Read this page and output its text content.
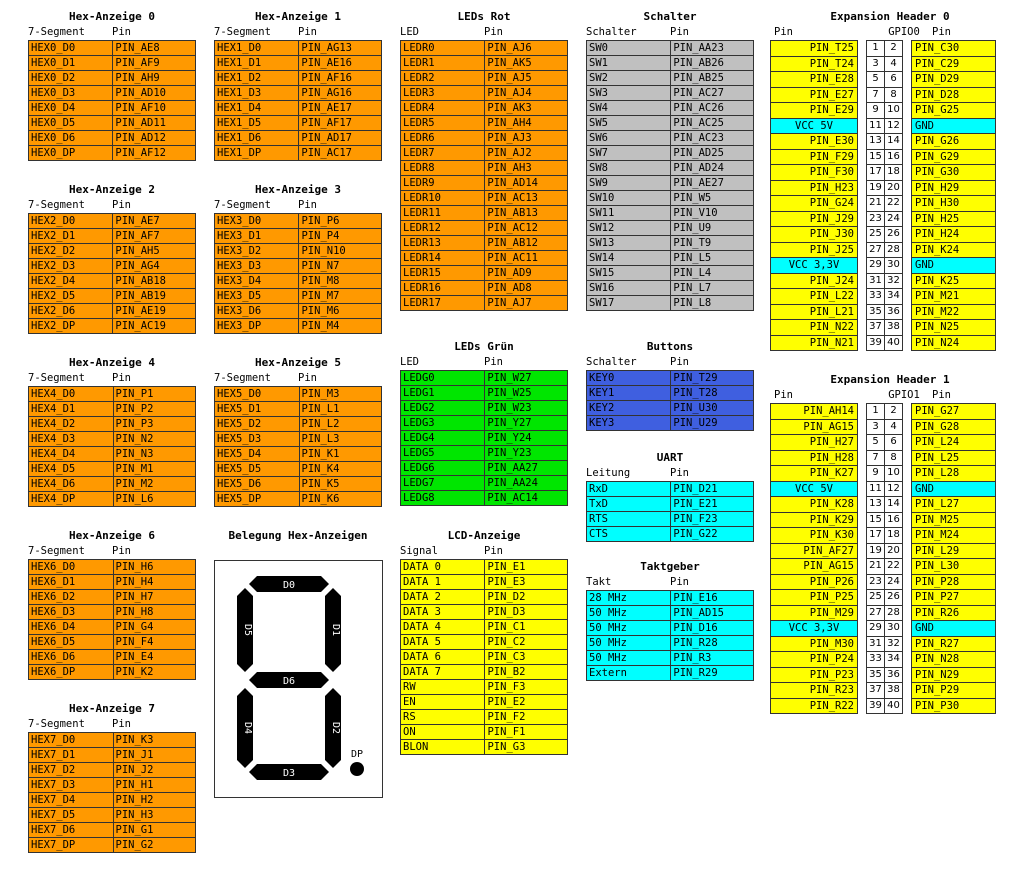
Hex-Anzeige 0
7-Segment	Pin
HEX0_D0	PIN_AE8
HEX0_D1	PIN_AF9
HEX0_D2	PIN_AH9
HEX0_D3	PIN_AD10
HEX0_D4	PIN_AF10
HEX0_D5	PIN_AD11
HEX0_D6	PIN_AD12
HEX0_DP	PIN_AF12
Hex-Anzeige 2
7-Segment	Pin
HEX2_D0	PIN_AE7
HEX2_D1	PIN_AF7
HEX2_D2	PIN_AH5
HEX2_D3	PIN_AG4
HEX2_D4	PIN_AB18
HEX2_D5	PIN_AB19
HEX2_D6	PIN_AE19
HEX2_DP	PIN_AC19
Hex-Anzeige 4
7-Segment	Pin
HEX4_D0	PIN_P1
HEX4_D1	PIN_P2
HEX4_D2	PIN_P3
HEX4_D3	PIN_N2
HEX4_D4	PIN_N3
HEX4_D5	PIN_M1
HEX4_D6	PIN_M2
HEX4_DP	PIN_L6
Hex-Anzeige 6
7-Segment	Pin
HEX6_D0	PIN_H6
HEX6_D1	PIN_H4
HEX6_D2	PIN_H7
HEX6_D3	PIN_H8
HEX6_D4	PIN_G4
HEX6_D5	PIN_F4
HEX6_D6	PIN_E4
HEX6_DP	PIN_K2
Hex-Anzeige 7
7-Segment	Pin
HEX7_D0	PIN_K3
HEX7_D1	PIN_J1
HEX7_D2	PIN_J2
HEX7_D3	PIN_H1
HEX7_D4	PIN_H2
HEX7_D5	PIN_H3
HEX7_D6	PIN_G1
HEX7_DP	PIN_G2
Hex-Anzeige 1
7-Segment	Pin
HEX1_D0	PIN_AG13
HEX1_D1	PIN_AE16
HEX1_D2	PIN_AF16
HEX1_D3	PIN_AG16
HEX1_D4	PIN_AE17
HEX1_D5	PIN_AF17
HEX1_D6	PIN_AD17
HEX1_DP	PIN_AC17
Hex-Anzeige 3
7-Segment	Pin
HEX3_D0	PIN_P6
HEX3_D1	PIN_P4
HEX3_D2	PIN_N10
HEX3_D3	PIN_N7
HEX3_D4	PIN_M8
HEX3_D5	PIN_M7
HEX3_D6	PIN_M6
HEX3_DP	PIN_M4
Hex-Anzeige 5
7-Segment	Pin
HEX5_D0	PIN_M3
HEX5_D1	PIN_L1
HEX5_D2	PIN_L2
HEX5_D3	PIN_L3
HEX5_D4	PIN_K1
HEX5_D5	PIN_K4
HEX5_D6	PIN_K5
HEX5_DP	PIN_K6
Belegung Hex-Anzeigen
D0
D6
D3
D5	D1
D4	D2
DP
LEDs Rot
LED	Pin
LEDR0	PIN_AJ6
LEDR1	PIN_AK5
LEDR2	PIN_AJ5
LEDR3	PIN_AJ4
LEDR4	PIN_AK3
LEDR5	PIN_AH4
LEDR6	PIN_AJ3
LEDR7	PIN_AJ2
LEDR8	PIN_AH3
LEDR9	PIN_AD14
LEDR10	PIN_AC13
LEDR11	PIN_AB13
LEDR12	PIN_AC12
LEDR13	PIN_AB12
LEDR14	PIN_AC11
LEDR15	PIN_AD9
LEDR16	PIN_AD8
LEDR17	PIN_AJ7
LEDs Grün
LED	Pin
LEDG0	PIN_W27
LEDG1	PIN_W25
LEDG2	PIN_W23
LEDG3	PIN_Y27
LEDG4	PIN_Y24
LEDG5	PIN_Y23
LEDG6	PIN_AA27
LEDG7	PIN_AA24
LEDG8	PIN_AC14
LCD-Anzeige
Signal	Pin
DATA 0	PIN_E1
DATA 1	PIN_E3
DATA 2	PIN_D2
DATA 3	PIN_D3
DATA 4	PIN_C1
DATA 5	PIN_C2
DATA 6	PIN_C3
DATA 7	PIN_B2
RW	PIN_F3
EN	PIN_E2
RS	PIN_F2
ON	PIN_F1
BLON	PIN_G3
Schalter
Schalter	Pin
SW0	PIN_AA23
SW1	PIN_AB26
SW2	PIN_AB25
SW3	PIN_AC27
SW4	PIN_AC26
SW5	PIN_AC25
SW6	PIN_AC23
SW7	PIN_AD25
SW8	PIN_AD24
SW9	PIN_AE27
SW10	PIN_W5
SW11	PIN_V10
SW12	PIN_U9
SW13	PIN_T9
SW14	PIN_L5
SW15	PIN_L4
SW16	PIN_L7
SW17	PIN_L8
Buttons
Schalter	Pin
KEY0	PIN_T29
KEY1	PIN_T28
KEY2	PIN_U30
KEY3	PIN_U29
UART
Leitung	Pin
RxD	PIN_D21
TxD	PIN_E21
RTS	PIN_F23
CTS	PIN_G22
Taktgeber
Takt	Pin
28 MHz	PIN_E16
50 MHz	PIN_AD15
50 MHz	PIN_D16
50 MHz	PIN_R28
50 MHz	PIN_R3
Extern	PIN_R29
Expansion Header 0
Pin	GPIO0	Pin
PIN_T25		1	2		PIN_C30
PIN_T24		3	4		PIN_C29
PIN_E28		5	6		PIN_D29
PIN_E27		7	8		PIN_D28
PIN_E29		9	10		PIN_G25
VCC 5V		11	12		GND
PIN_E30		13	14		PIN_G26
PIN_F29		15	16		PIN_G29
PIN_F30		17	18		PIN_G30
PIN_H23		19	20		PIN_H29
PIN_G24		21	22		PIN_H30
PIN_J29		23	24		PIN_H25
PIN_J30		25	26		PIN_H24
PIN_J25		27	28		PIN_K24
VCC 3,3V		29	30		GND
PIN_J24		31	32		PIN_K25
PIN_L22		33	34		PIN_M21
PIN_L21		35	36		PIN_M22
PIN_N22		37	38		PIN_N25
PIN_N21		39	40		PIN_N24
Expansion Header 1
Pin	GPIO1	Pin
PIN_AH14		1	2		PIN_G27
PIN_AG15		3	4		PIN_G28
PIN_H27		5	6		PIN_L24
PIN_H28		7	8		PIN_L25
PIN_K27		9	10		PIN_L28
VCC 5V		11	12		GND
PIN_K28		13	14		PIN_L27
PIN_K29		15	16		PIN_M25
PIN_K30		17	18		PIN_M24
PIN_AF27		19	20		PIN_L29
PIN_AG15		21	22		PIN_L30
PIN_P26		23	24		PIN_P28
PIN_P25		25	26		PIN_P27
PIN_M29		27	28		PIN_R26
VCC 3,3V		29	30		GND
PIN_M30		31	32		PIN_R27
PIN_P24		33	34		PIN_N28
PIN_P23		35	36		PIN_N29
PIN_R23		37	38		PIN_P29
PIN_R22		39	40		PIN_P30
